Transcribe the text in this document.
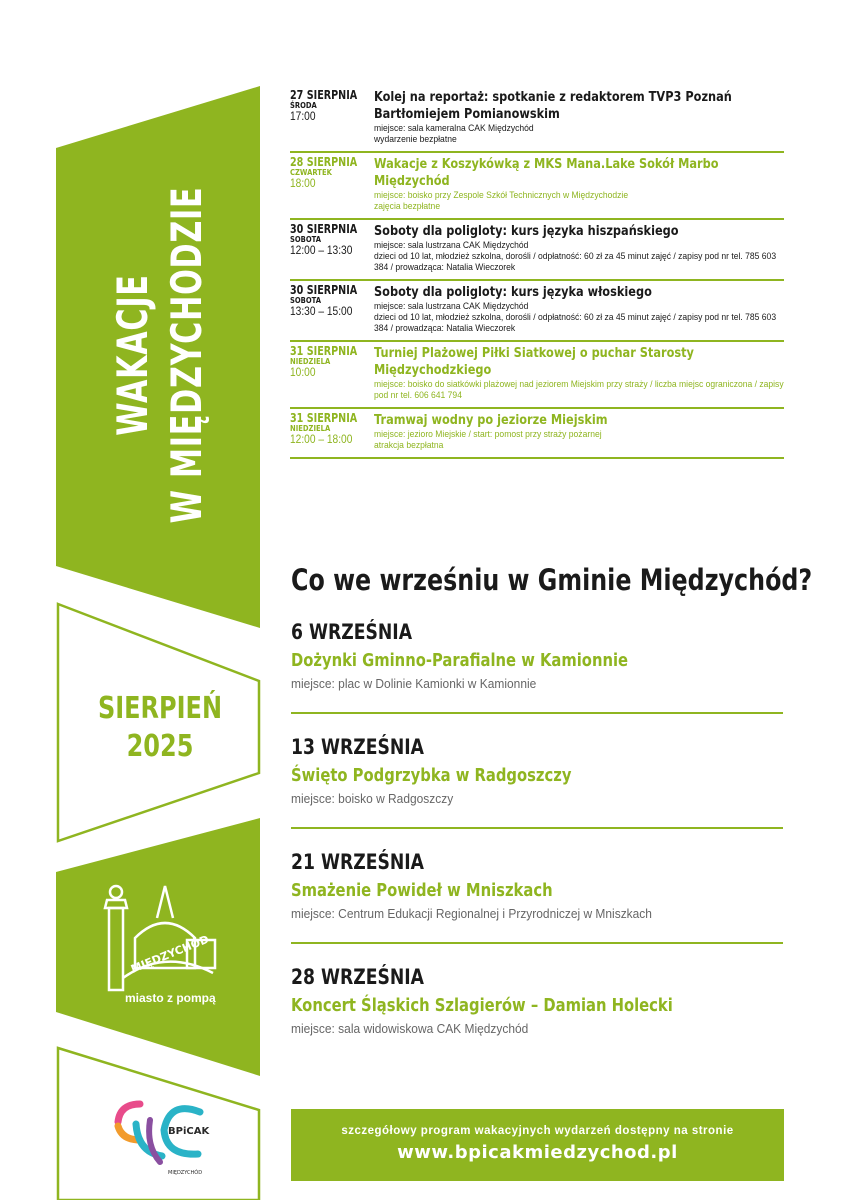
WAKACJE W MIĘDZYCHODZIE
SIERPIEŃ
2025
MIĘDZYCHÓD
miasto z pompą
BPiCAK
MIĘDZYCHÓD
27 SIERPNIA
ŚRODA
17:00
Kolej na reportaż: spotkanie z redaktorem TVP3 Poznań Bartłomiejem Pomianowskim
miejsce: sala kameralna CAK Międzychód
wydarzenie bezpłatne
28 SIERPNIA
CZWARTEK
18:00
Wakacje z Koszykówką z MKS Mana.Lake Sokół Marbo Międzychód
miejsce: boisko przy Zespole Szkół Technicznych w Międzychodzie
zajęcia bezpłatne
30 SIERPNIA
SOBOTA
12:00 – 13:30
Soboty dla poligloty: kurs języka hiszpańskiego
miejsce: sala lustrzana CAK Międzychód
dzieci od 10 lat, młodzież szkolna, dorośli / odpłatność: 60 zł za 45 minut zajęć / zapisy pod nr tel. 785 603 384 / prowadząca: Natalia Wieczorek
30 SIERPNIA
SOBOTA
13:30 – 15:00
Soboty dla poligloty: kurs języka włoskiego
miejsce: sala lustrzana CAK Międzychód
dzieci od 10 lat, młodzież szkolna, dorośli / odpłatność: 60 zł za 45 minut zajęć / zapisy pod nr tel. 785 603 384 / prowadząca: Natalia Wieczorek
31 SIERPNIA
NIEDZIELA
10:00
Turniej Plażowej Piłki Siatkowej o puchar Starosty Międzychodzkiego
miejsce: boisko do siatkówki plażowej nad jeziorem Miejskim przy straży / liczba miejsc ograniczona / zapisy pod nr tel. 606 641 794
31 SIERPNIA
NIEDZIELA
12:00 – 18:00
Tramwaj wodny po jeziorze Miejskim
miejsce: jezioro Miejskie / start: pomost przy straży pożarnej
atrakcja bezpłatna
Co we wrześniu w Gminie Międzychód?
6 WRZEŚNIA
Dożynki Gminno-Parafialne w Kamionnie
miejsce: plac w Dolinie Kamionki w Kamionnie
13 WRZEŚNIA
Święto Podgrzybka w Radgoszczy
miejsce: boisko w Radgoszczy
21 WRZEŚNIA
Smażenie Powideł w Mniszkach
miejsce: Centrum Edukacji Regionalnej i Przyrodniczej w Mniszkach
28 WRZEŚNIA
Koncert Śląskich Szlagierów – Damian Holecki
miejsce: sala widowiskowa CAK Międzychód
szczegółowy program wakacyjnych wydarzeń dostępny na stronie
www.bpicakmiedzychod.pl
